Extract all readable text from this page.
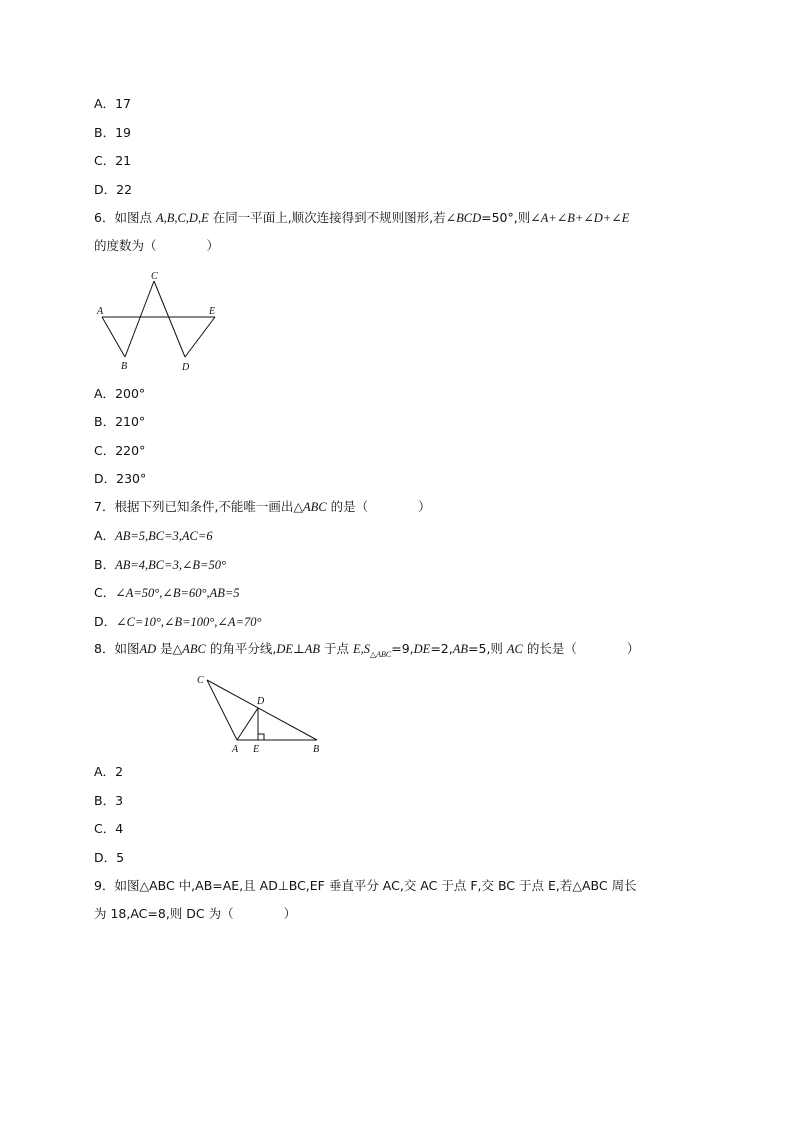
A．17
B．19
C．21
D．22
6．如图点 A,B,C,D,E 在同一平面上,顺次连接得到不规则图形,若∠BCD=50°,则∠A+∠B+∠D+∠E
的度数为（　　　　）
C
A	E
B	D
A．200°
B．210°
C．220°
D．230°
7．根据下列已知条件,不能唯一画出△ABC 的是（　　　　）
A．AB=5,BC=3,AC=6
B．AB=4,BC=3,∠B=50°
C．∠A=50°,∠B=60°,AB=5
D．∠C=10°,∠B=100°,∠A=70°
8．如图AD 是△ABC 的角平分线,DE⊥AB 于点 $E,S_{\triangle ABC}=9,DE=2,AB=5$,则 AC 的长是（　　　　）
C
D
A E	B
A．2
B．3
C．4
D．5
9．如图△ABC 中,AB=AE,且 AD⊥BC,EF 垂直平分 AC,交 AC 于点 F,交 BC 于点 E,若△ABC 周长
为 18,AC=8,则 DC 为（　　　　）
